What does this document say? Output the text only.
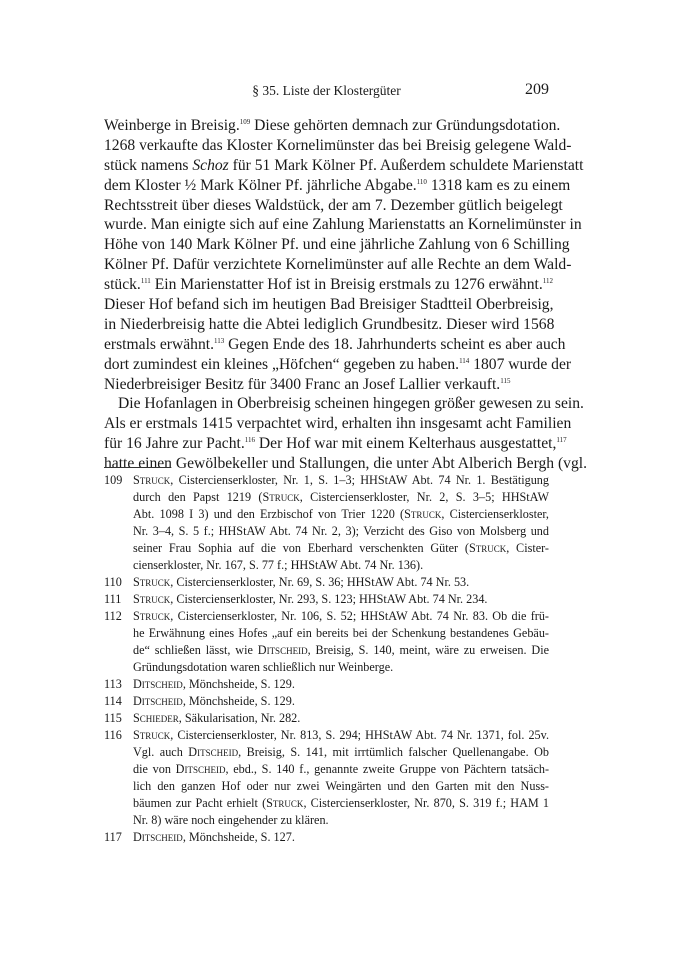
§ 35. Liste der Klostergüter	209
Weinberge in Breisig.$^{109}$ Diese gehörten demnach zur Gründungsdotation.
1268 verkaufte das Kloster Kornelimünster das bei Breisig gelegene Wald-
stück namens Schoz für 51 Mark Kölner Pf. Außerdem schuldete Marienstatt
dem Kloster ½ Mark Kölner Pf. jährliche Abgabe.$^{110}$ 1318 kam es zu einem
Rechtsstreit über dieses Waldstück, der am 7. Dezember gütlich beigelegt
wurde. Man einigte sich auf eine Zahlung Marienstatts an Kornelimünster in
Höhe von 140 Mark Kölner Pf. und eine jährliche Zahlung von 6 Schilling
Kölner Pf. Dafür verzichtete Kornelimünster auf alle Rechte an dem Wald-
stück.$^{111}$ Ein Marienstatter Hof ist in Breisig erstmals zu 1276 erwähnt.$^{112}$
Dieser Hof befand sich im heutigen Bad Breisiger Stadtteil Oberbreisig,
in Niederbreisig hatte die Abtei lediglich Grundbesitz. Dieser wird 1568
erstmals erwähnt.$^{113}$ Gegen Ende des 18. Jahrhunderts scheint es aber auch
dort zumindest ein kleines „Höfchen“ gegeben zu haben.$^{114}$ 1807 wurde der
Niederbreisiger Besitz für 3400 Franc an Josef Lallier verkauft.$^{115}$
Die Hofanlagen in Oberbreisig scheinen hingegen größer gewesen zu sein.
Als er erstmals 1415 verpachtet wird, erhalten ihn insgesamt acht Familien
für 16 Jahre zur Pacht.$^{116}$ Der Hof war mit einem Kelterhaus ausgestattet,$^{117}$
hatte einen Gewölbekeller und Stallungen, die unter Abt Alberich Bergh (vgl.
109 Struck, Cistercienserkloster, Nr. 1, S. 1–3; HHStAW Abt. 74 Nr. 1. Bestätigung
durch den Papst 1219 (Struck, Cistercienserkloster, Nr. 2, S. 3–5; HHStAW
Abt. 1098 I 3) und den Erzbischof von Trier 1220 (Struck, Cistercienserkloster,
Nr. 3–4, S. 5 f.; HHStAW Abt. 74 Nr. 2, 3); Verzicht des Giso von Molsberg und
seiner Frau Sophia auf die von Eberhard verschenkten Güter (Struck, Cister-
cienserkloster, Nr. 167, S. 77 f.; HHStAW Abt. 74 Nr. 136).
110 Struck, Cistercienserkloster, Nr. 69, S. 36; HHStAW Abt. 74 Nr. 53.
111 Struck, Cistercienserkloster, Nr. 293, S. 123; HHStAW Abt. 74 Nr. 234.
112 Struck, Cistercienserkloster, Nr. 106, S. 52; HHStAW Abt. 74 Nr. 83. Ob die frü-
he Erwähnung eines Hofes „auf ein bereits bei der Schenkung bestandenes Gebäu-
de“ schließen lässt, wie Ditscheid, Breisig, S. 140, meint, wäre zu erweisen. Die
Gründungsdotation waren schließlich nur Weinberge.
113 Ditscheid, Mönchsheide, S. 129.
114 Ditscheid, Mönchsheide, S. 129.
115 Schieder, Säkularisation, Nr. 282.
116 Struck, Cistercienserkloster, Nr. 813, S. 294; HHStAW Abt. 74 Nr. 1371, fol. 25v.
Vgl. auch Ditscheid, Breisig, S. 141, mit irrtümlich falscher Quellenangabe. Ob
die von Ditscheid, ebd., S. 140 f., genannte zweite Gruppe von Pächtern tatsäch-
lich den ganzen Hof oder nur zwei Weingärten und den Garten mit den Nuss-
bäumen zur Pacht erhielt (Struck, Cistercienserkloster, Nr. 870, S. 319 f.; HAM 1
Nr. 8) wäre noch eingehender zu klären.
117 Ditscheid, Mönchsheide, S. 127.
